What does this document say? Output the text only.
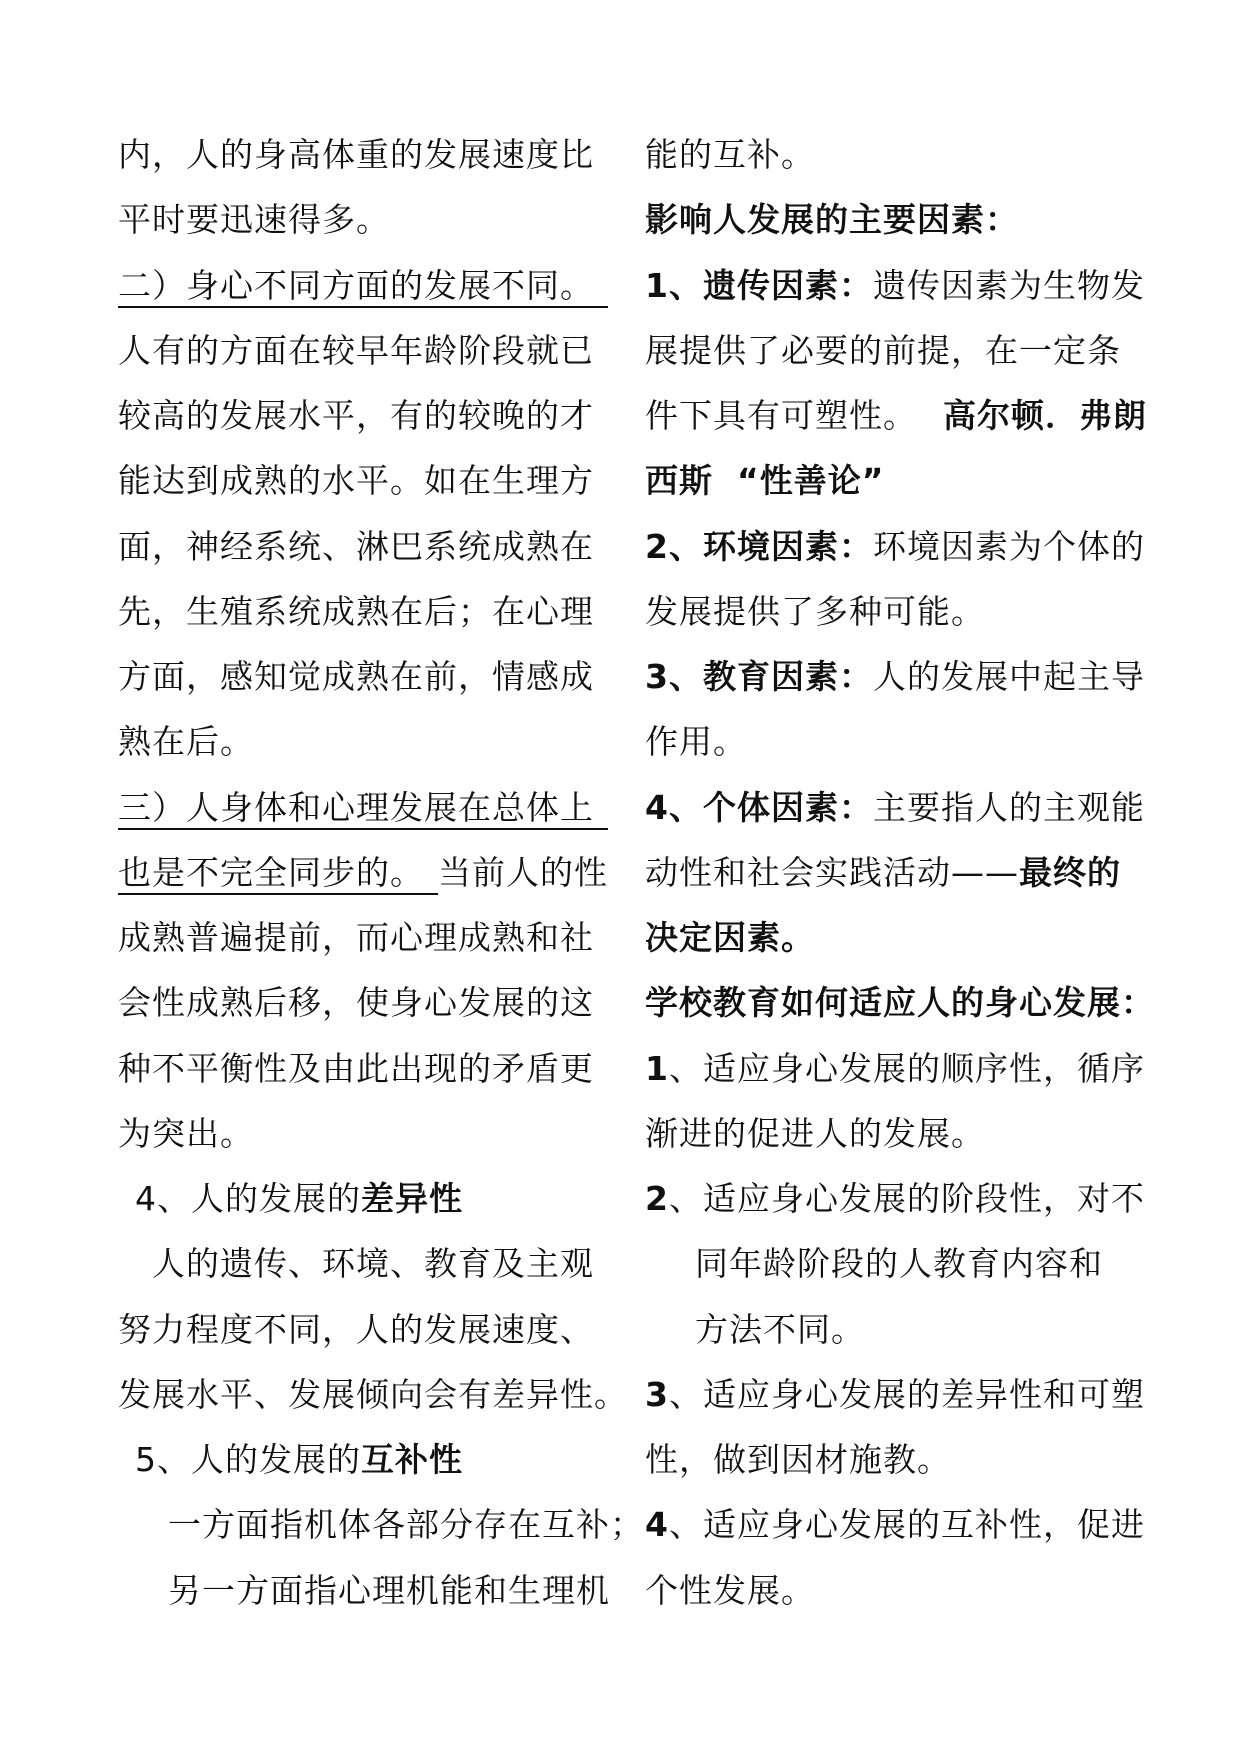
内，人的身高体重的发展速度比
平时要迅速得多。
二）身心不同方面的发展不同。
人有的方面在较早年龄阶段就已
较高的发展水平，有的较晚的才
能达到成熟的水平。如在生理方
面，神经系统、淋巴系统成熟在
先，生殖系统成熟在后；在心理
方面，感知觉成熟在前，情感成
熟在后。
三）人身体和心理发展在总体上
也是不完全同步的。 当前人的性
成熟普遍提前，而心理成熟和社
会性成熟后移，使身心发展的这
种不平衡性及由此出现的矛盾更
为突出。
4、人的发展的差异性
人的遗传、环境、教育及主观
努力程度不同，人的发展速度、
发展水平、发展倾向会有差异性。
5、人的发展的互补性
一方面指机体各部分存在互补；
另一方面指心理机能和生理机
能的互补。
影响人发展的主要因素：
1、遗传因素：遗传因素为生物发
展提供了必要的前提，在一定条
件下具有可塑性。 高尔顿．弗朗
西斯 “性善论”
2、环境因素：环境因素为个体的
发展提供了多种可能。
3、教育因素：人的发展中起主导
作用。
4、个体因素：主要指人的主观能
动性和社会实践活动——最终的
决定因素。
学校教育如何适应人的身心发展：
1、适应身心发展的顺序性，循序
渐进的促进人的发展。
2、适应身心发展的阶段性，对不
同年龄阶段的人教育内容和
方法不同。
3、适应身心发展的差异性和可塑
性，做到因材施教。
4、适应身心发展的互补性，促进
个性发展。
